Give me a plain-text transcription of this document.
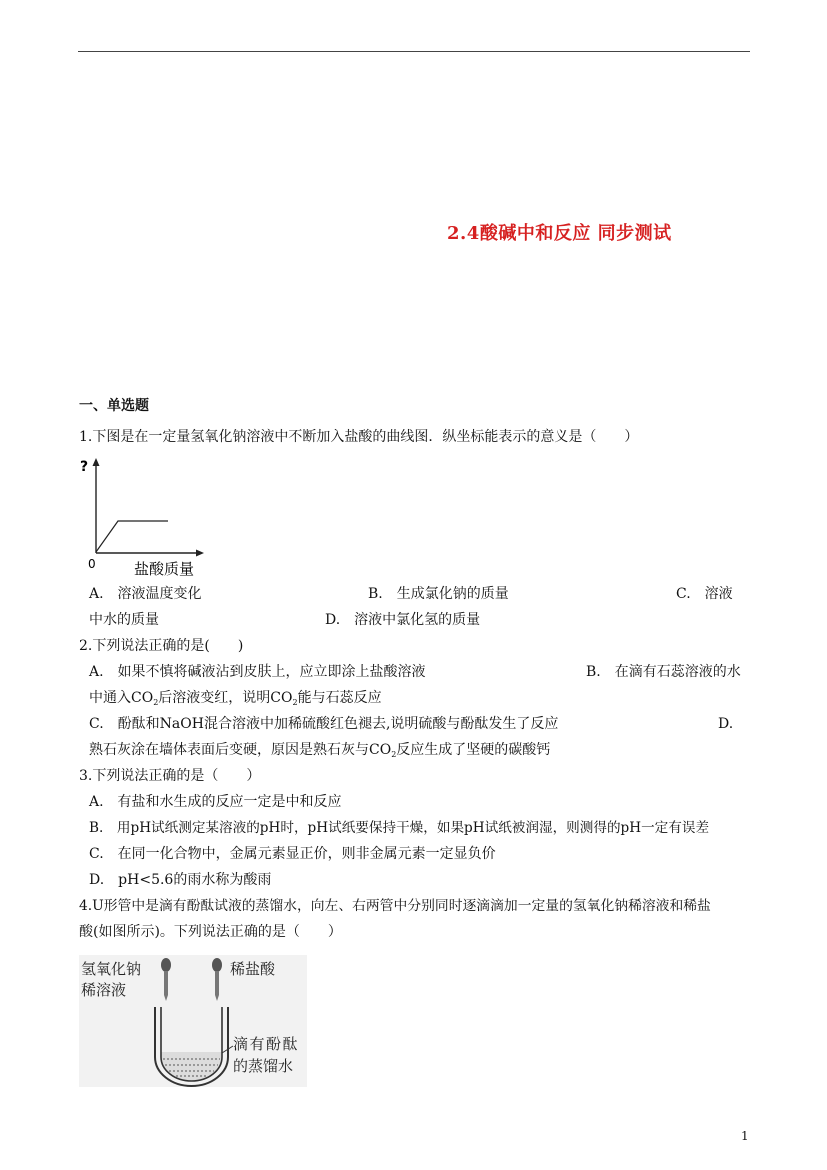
2.4酸碱中和反应 同步测试
一、单选题
1.下图是在一定量氢氧化钠溶液中不断加入盐酸的曲线图．纵坐标能表示的意义是（　　）
?
0	盐酸质量
A.　溶液温度变化	B.　生成氯化钠的质量	C.　溶液
中水的质量	D.　溶液中氯化氢的质量
2.下列说法正确的是(　　)
A.　如果不慎将碱液沾到皮肤上，应立即涂上盐酸溶液	B.　在滴有石蕊溶液的水
中通入$CO_2$后溶液变红，说明$CO_2$能与石蕊反应
C.　酚酞和NaOH混合溶液中加稀硫酸红色褪去,说明硫酸与酚酞发生了反应	D.
熟石灰涂在墙体表面后变硬，原因是熟石灰与$CO_2$反应生成了坚硬的碳酸钙
3.下列说法正确的是（　　）
A.　有盐和水生成的反应一定是中和反应
B.　用pH试纸测定某溶液的pH时，pH试纸要保持干燥，如果pH试纸被润湿，则测得的pH一定有误差
C.　在同一化合物中，金属元素显正价，则非金属元素一定显负价
D.　pH<5.6的雨水称为酸雨
4.U形管中是滴有酚酞试液的蒸馏水，向左、右两管中分别同时逐滴滴加一定量的氢氧化钠稀溶液和稀盐
酸(如图所示)。下列说法正确的是（　　）
氢氧化钠
稀溶液
稀盐酸
滴有酚酞
的蒸馏水
1
